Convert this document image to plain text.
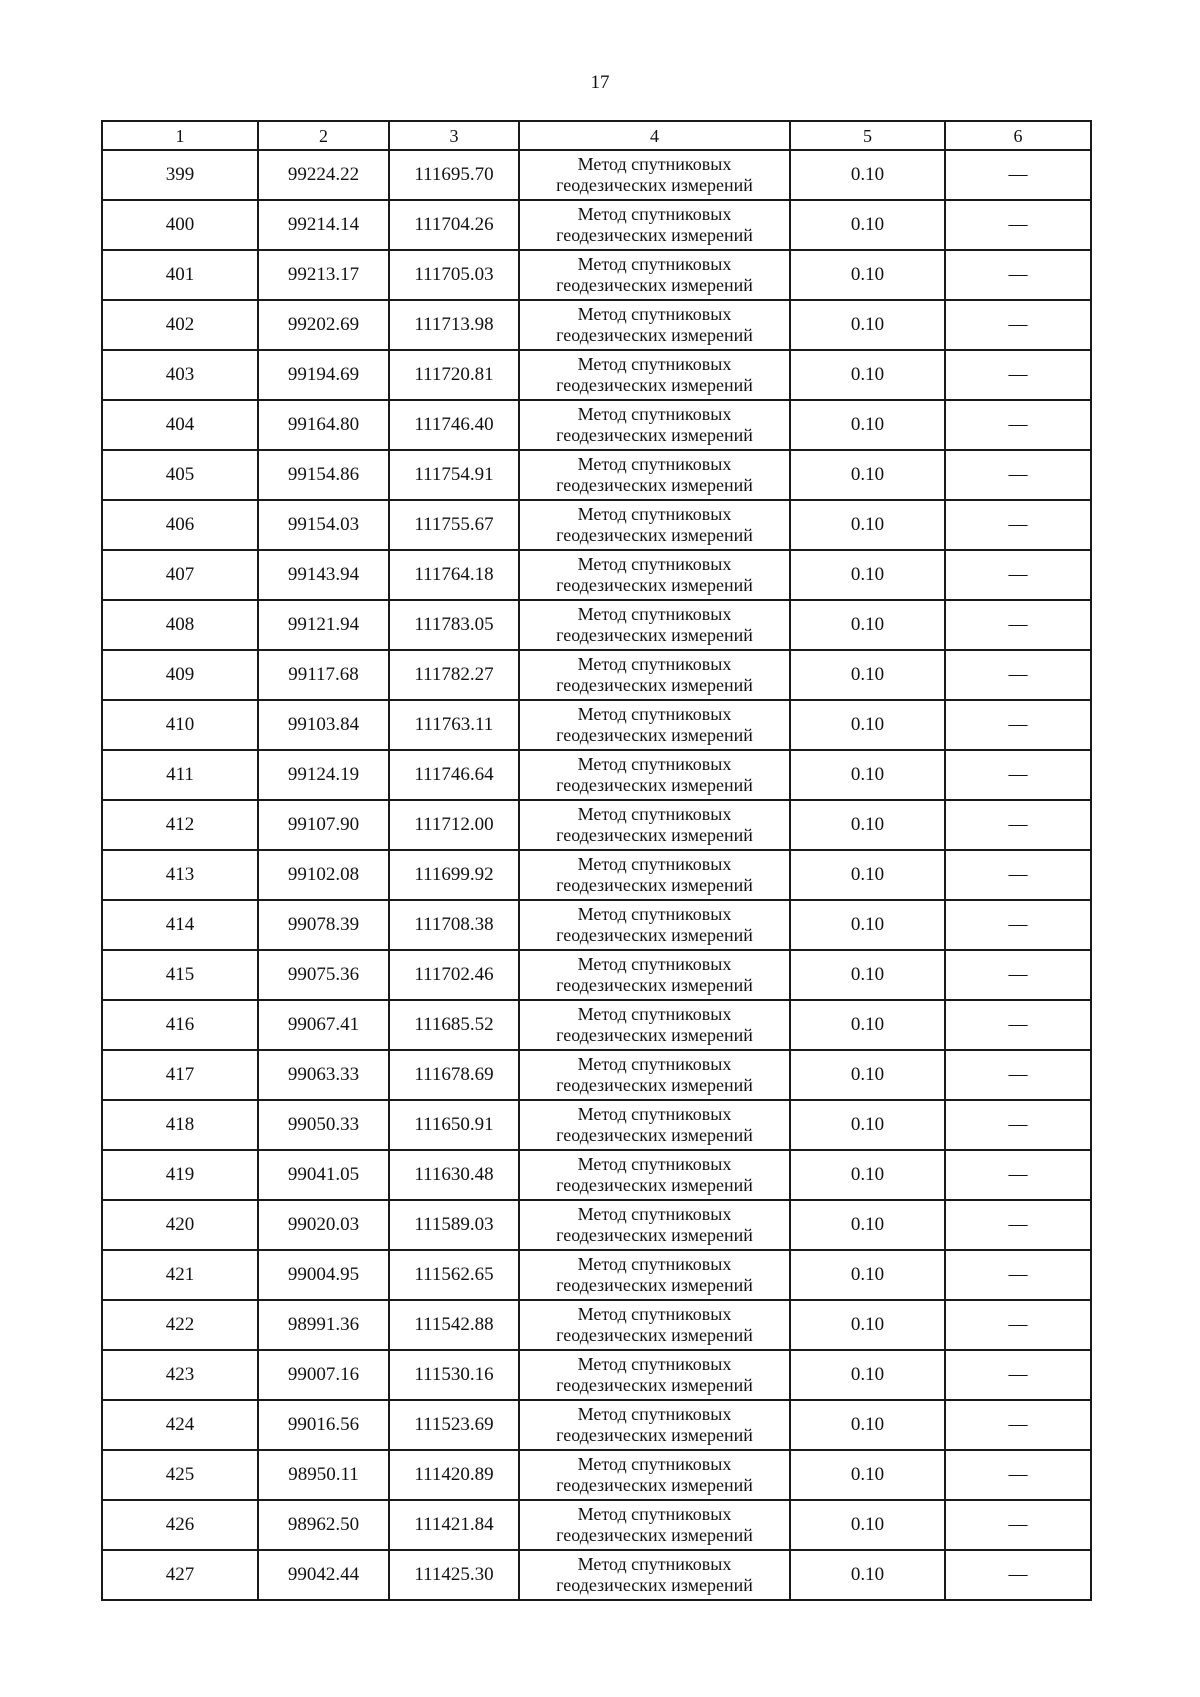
17
1	2	3	4	5	6
399	99224.22	111695.70	Метод спутниковых
геодезических измерений	0.10	—
400	99214.14	111704.26	Метод спутниковых
геодезических измерений	0.10	—
401	99213.17	111705.03	Метод спутниковых
геодезических измерений	0.10	—
402	99202.69	111713.98	Метод спутниковых
геодезических измерений	0.10	—
403	99194.69	111720.81	Метод спутниковых
геодезических измерений	0.10	—
404	99164.80	111746.40	Метод спутниковых
геодезических измерений	0.10	—
405	99154.86	111754.91	Метод спутниковых
геодезических измерений	0.10	—
406	99154.03	111755.67	Метод спутниковых
геодезических измерений	0.10	—
407	99143.94	111764.18	Метод спутниковых
геодезических измерений	0.10	—
408	99121.94	111783.05	Метод спутниковых
геодезических измерений	0.10	—
409	99117.68	111782.27	Метод спутниковых
геодезических измерений	0.10	—
410	99103.84	111763.11	Метод спутниковых
геодезических измерений	0.10	—
411	99124.19	111746.64	Метод спутниковых
геодезических измерений	0.10	—
412	99107.90	111712.00	Метод спутниковых
геодезических измерений	0.10	—
413	99102.08	111699.92	Метод спутниковых
геодезических измерений	0.10	—
414	99078.39	111708.38	Метод спутниковых
геодезических измерений	0.10	—
415	99075.36	111702.46	Метод спутниковых
геодезических измерений	0.10	—
416	99067.41	111685.52	Метод спутниковых
геодезических измерений	0.10	—
417	99063.33	111678.69	Метод спутниковых
геодезических измерений	0.10	—
418	99050.33	111650.91	Метод спутниковых
геодезических измерений	0.10	—
419	99041.05	111630.48	Метод спутниковых
геодезических измерений	0.10	—
420	99020.03	111589.03	Метод спутниковых
геодезических измерений	0.10	—
421	99004.95	111562.65	Метод спутниковых
геодезических измерений	0.10	—
422	98991.36	111542.88	Метод спутниковых
геодезических измерений	0.10	—
423	99007.16	111530.16	Метод спутниковых
геодезических измерений	0.10	—
424	99016.56	111523.69	Метод спутниковых
геодезических измерений	0.10	—
425	98950.11	111420.89	Метод спутниковых
геодезических измерений	0.10	—
426	98962.50	111421.84	Метод спутниковых
геодезических измерений	0.10	—
427	99042.44	111425.30	Метод спутниковых
геодезических измерений	0.10	—
